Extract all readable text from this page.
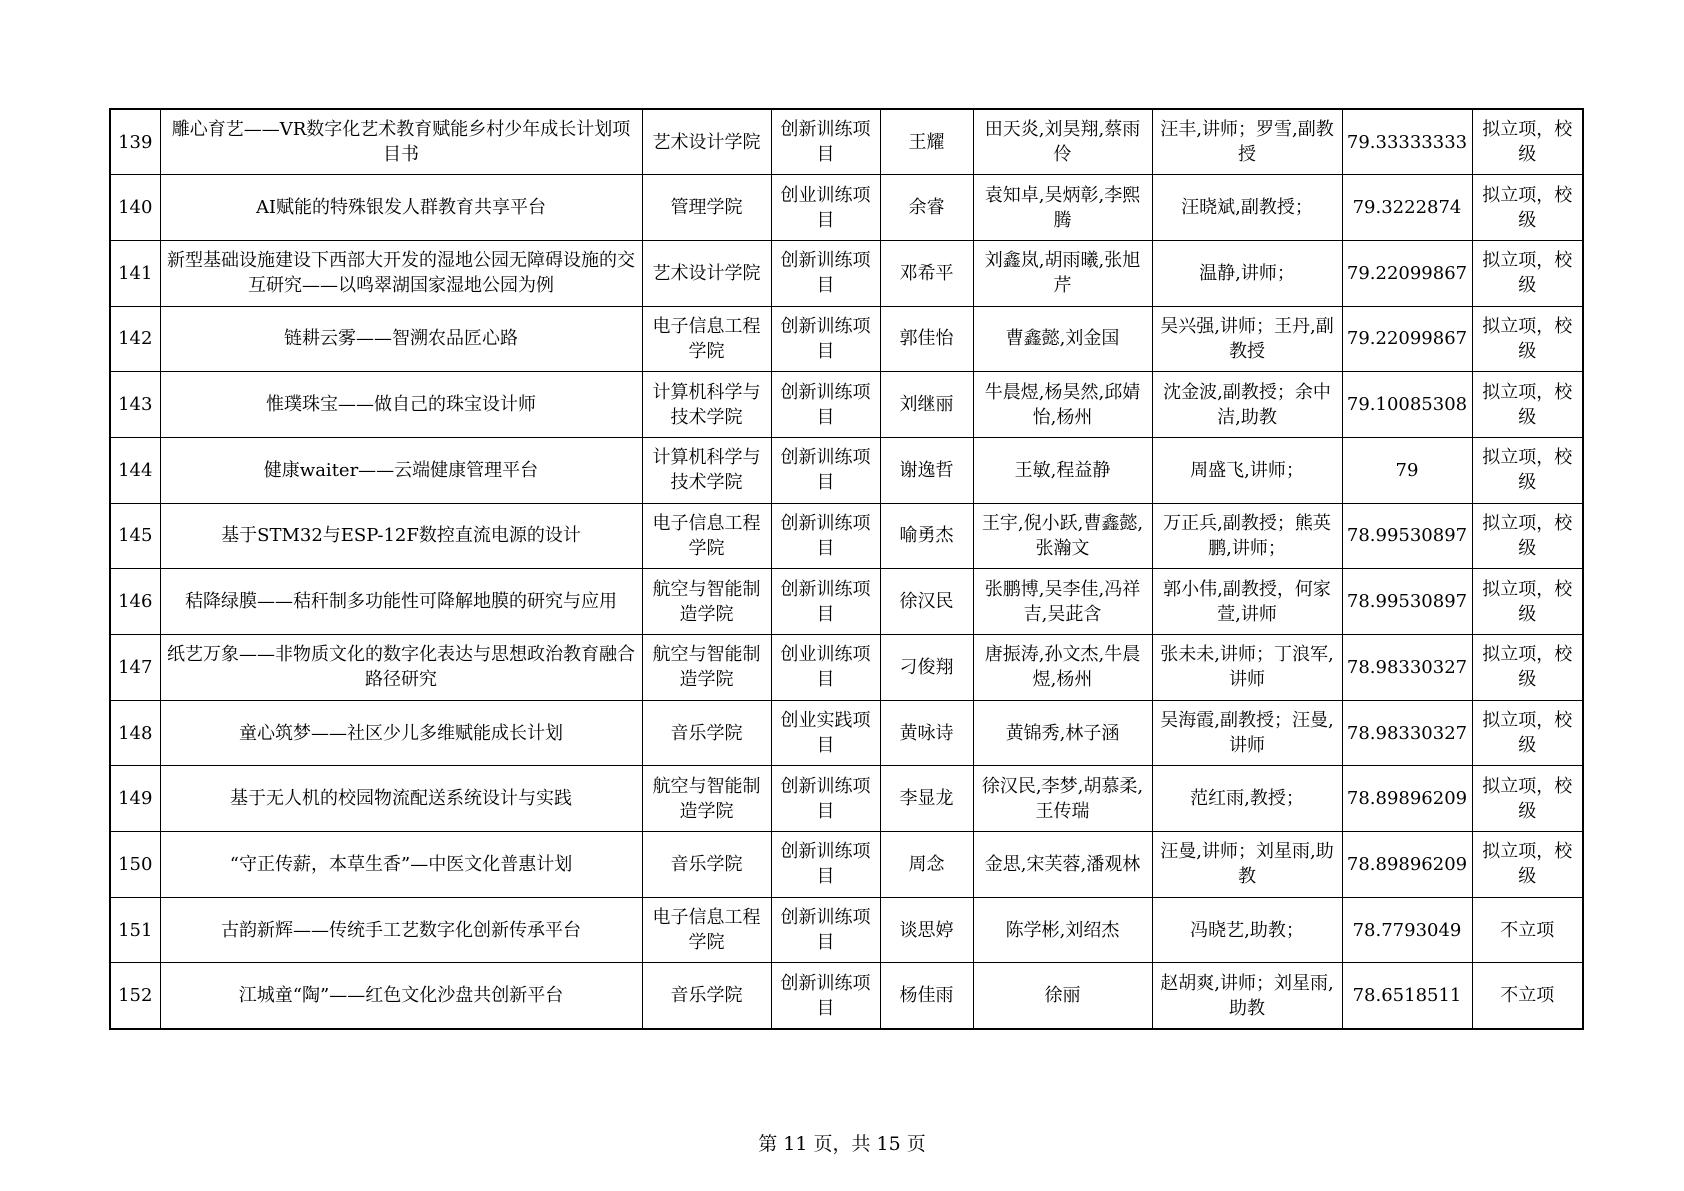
139	雕心育艺——VR数字化艺术教育赋能乡村少年成长计划项目书	艺术设计学院	创新训练项目	王耀	田天炎,刘昊翔,蔡雨伶	汪丰,讲师；罗雪,副教授	79.33333333	拟立项，校级
140	AI赋能的特殊银发人群教育共享平台	管理学院	创业训练项目	余睿	袁知卓,吴炳彰,李熙腾	汪晓斌,副教授；	79.3222874	拟立项，校级
141	新型基础设施建设下西部大开发的湿地公园无障碍设施的交互研究——以鸣翠湖国家湿地公园为例	艺术设计学院	创新训练项目	邓希平	刘鑫岚,胡雨曦,张旭芹	温静,讲师；	79.22099867	拟立项，校级
142	链耕云雾——智溯农品匠心路	电子信息工程学院	创新训练项目	郭佳怡	曹鑫懿,刘金国	吴兴强,讲师；王丹,副教授	79.22099867	拟立项，校级
143	惟璞珠宝——做自己的珠宝设计师	计算机科学与技术学院	创新训练项目	刘继丽	牛晨煜,杨昊然,邱婧怡,杨州	沈金波,副教授；余中洁,助教	79.10085308	拟立项，校级
144	健康waiter——云端健康管理平台	计算机科学与技术学院	创新训练项目	谢逸哲	王敏,程益静	周盛飞,讲师；	79	拟立项，校级
145	基于STM32与ESP-12F数控直流电源的设计	电子信息工程学院	创新训练项目	喻勇杰	王宇,倪小跃,曹鑫懿,张瀚文	万正兵,副教授；熊英鹏,讲师；	78.99530897	拟立项，校级
146	秸降绿膜——秸秆制多功能性可降解地膜的研究与应用	航空与智能制造学院	创新训练项目	徐汉民	张鹏博,吴李佳,冯祥吉,吴茈含	郭小伟,副教授，何家萱,讲师	78.99530897	拟立项，校级
147	纸艺万象——非物质文化的数字化表达与思想政治教育融合路径研究	航空与智能制造学院	创业训练项目	刁俊翔	唐振涛,孙文杰,牛晨煜,杨州	张未未,讲师；丁浪军,讲师	78.98330327	拟立项，校级
148	童心筑梦——社区少儿多维赋能成长计划	音乐学院	创业实践项目	黄咏诗	黄锦秀,林子涵	吴海霞,副教授；汪曼,讲师	78.98330327	拟立项，校级
149	基于无人机的校园物流配送系统设计与实践	航空与智能制造学院	创新训练项目	李显龙	徐汉民,李梦,胡慕柔,王传瑞	范红雨,教授；	78.89896209	拟立项，校级
150	“守正传薪，本草生香”—中医文化普惠计划	音乐学院	创新训练项目	周念	金思,宋芙蓉,潘观林	汪曼,讲师；刘星雨,助教	78.89896209	拟立项，校级
151	古韵新辉——传统手工艺数字化创新传承平台	电子信息工程学院	创新训练项目	谈思婷	陈学彬,刘绍杰	冯晓艺,助教；	78.7793049	不立项
152	江城童“陶”——红色文化沙盘共创新平台	音乐学院	创新训练项目	杨佳雨	徐丽	赵胡爽,讲师；刘星雨,助教	78.6518511	不立项
第 11 页，共 15 页
